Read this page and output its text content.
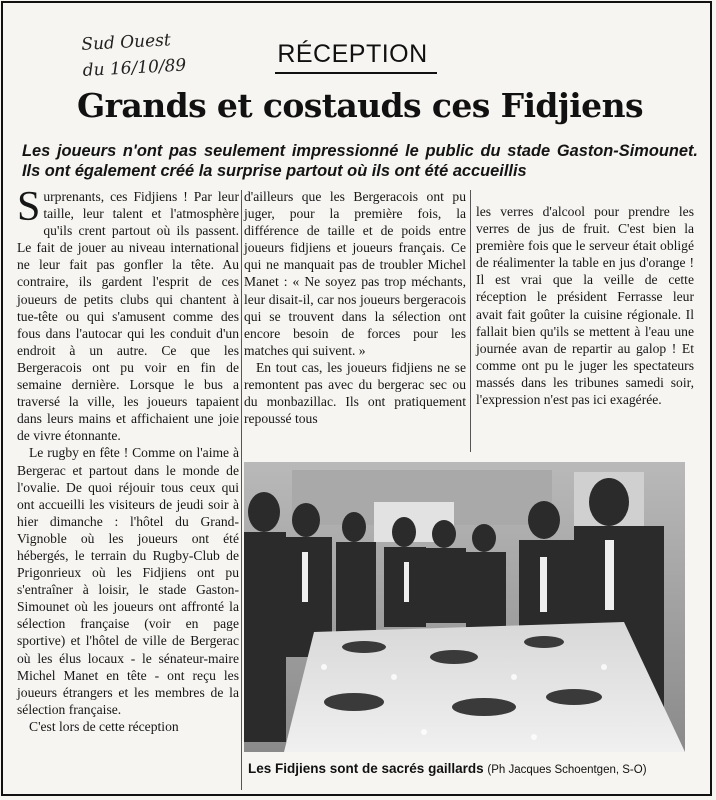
Sud Ouest
du 16/10/89
RÉCEPTION
Grands et costauds ces Fidjiens
Les joueurs n'ont pas seulement impressionné le public du stade Gaston-Simounet. Ils ont également créé la surprise partout où ils ont été accueillis

Surprenants, ces Fidjiens ! Par leur taille, leur talent et l'atmosphère qu'ils crent partout où ils passent. Le fait de jouer au niveau international ne leur fait pas gonfler la tête. Au contraire, ils gardent l'esprit de ces joueurs de petits clubs qui chantent à tue-tête ou qui s'amusent comme des fous dans l'autocar qui les conduit d'un endroit à un autre. Ce que les Bergeracois ont pu voir en fin de semaine dernière. Lorsque le bus a traversé la ville, les joueurs tapaient dans leurs mains et affichaient une joie de vivre étonnante.

Le rugby en fête ! Comme on l'aime à Bergerac et partout dans le monde de l'ovalie. De quoi réjouir tous ceux qui ont accueilli les visiteurs de jeudi soir à hier dimanche : l'hôtel du Grand-Vignoble où les joueurs ont été hébergés, le terrain du Rugby-Club de Prigonrieux où les Fidjiens ont pu s'entraîner à loisir, le stade Gaston-Simounet où les joueurs ont affronté la sélection française (voir en page sportive) et l'hôtel de ville de Bergerac où les élus locaux - le sénateur-maire Michel Manet en tête - ont reçu les joueurs étrangers et les membres de la sélection française.

C'est lors de cette réception

d'ailleurs que les Bergeracois ont pu juger, pour la première fois, la différence de taille et de poids entre joueurs fidjiens et joueurs français. Ce qui ne manquait pas de troubler Michel Manet : « Ne soyez pas trop méchants, leur disait-il, car nos joueurs bergeracois qui se trouvent dans la sélection ont encore besoin de forces pour les matches qui suivent. »

En tout cas, les joueurs fidjiens ne se remontent pas avec du bergerac sec ou du monbazillac. Ils ont pratiquement repoussé tous

les verres d'alcool pour prendre les verres de jus de fruit. C'est bien la première fois que le serveur était obligé de réalimenter la table en jus d'orange ! Il est vrai que la veille de cette réception le président Ferrasse leur avait fait goûter la cuisine régionale. Il fallait bien qu'ils se mettent à l'eau une journée avan de repartir au galop ! Et comme ont pu le juger les spectateurs massés dans les tribunes samedi soir, l'expression n'est pas ici exagérée.

Les Fidjiens sont de sacrés gaillards (Ph Jacques Schoentgen, S-O)
